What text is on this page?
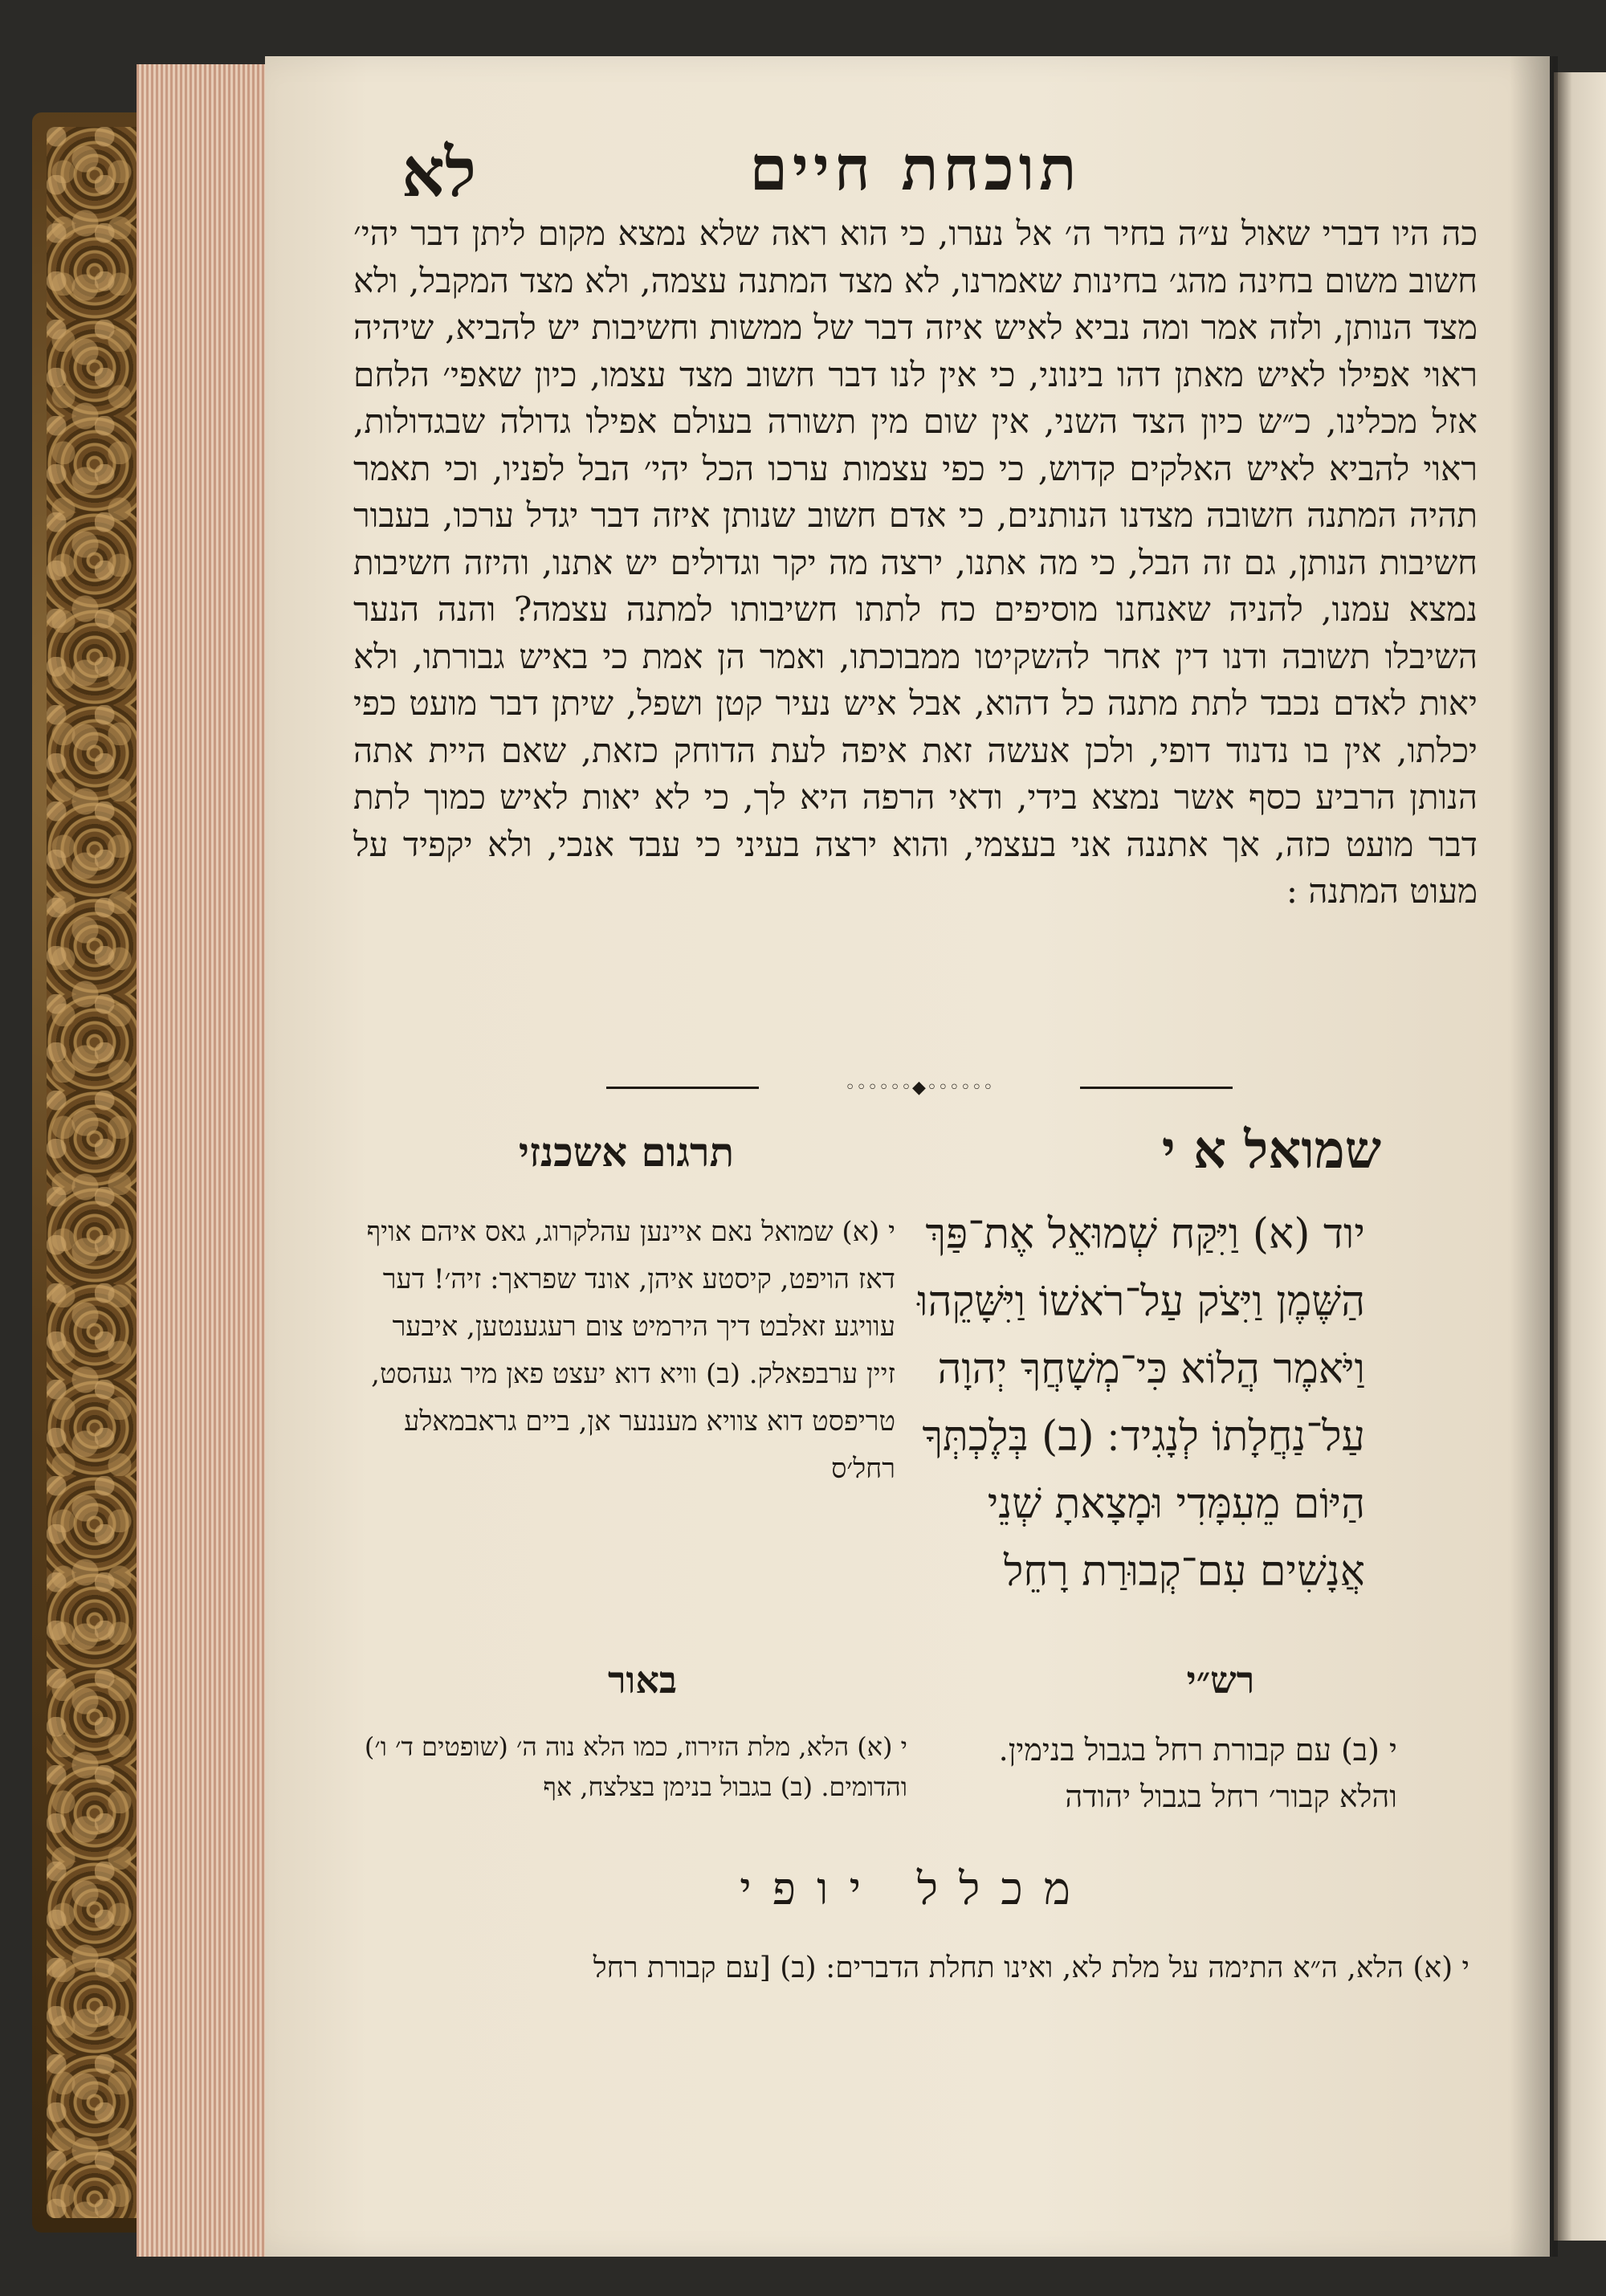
תוכחת חיים
לא
כה היו דברי שאול ע״ה בחיר ה׳ אל נערו, כי הוא ראה שלא נמצא מקום ליתן דבר יהי׳ חשוב משום בחינה מהג׳ בחינות שאמרנו, לא מצד המתנה עצמה, ולא מצד המקבל, ולא מצד הנותן, ולזה אמר ומה נביא לאיש איזה דבר של ממשות וחשיבות יש להביא, שיהיה ראוי אפילו לאיש מאתן דהו בינוני, כי אין לנו דבר חשוב מצד עצמו, כיון שאפי׳ הלחם אזל מכלינו, כ״ש כיון הצד השני, אין שום מין תשורה בעולם אפילו גדולה שבגדולות, ראוי להביא לאיש האלקים קדוש, כי כפי עצמות ערכו הכל יהי׳ הבל לפניו, וכי תאמר תהיה המתנה חשובה מצדנו הנותנים, כי אדם חשוב שנותן איזה דבר יגדל ערכו, בעבור חשיבות הנותן, גם זה הבל, כי מה אתנו, ירצה מה יקר וגדולים יש אתנו, והיזה חשיבות נמצא עמנו, להניה שאנחנו מוסיפים כח לתתו חשיבותו למתנה עצמה? והנה הנער השיבלו תשובה ודנו דין אחר להשקיטו ממבוכתו, ואמר הן אמת כי באיש גבורתו, ולא יאות לאדם נכבד לתת מתנה כל דהוא, אבל איש נעיר קטן ושפל, שיתן דבר מועט כפי יכלתו, אין בו נדנוד דופי, ולכן אעשה זאת איפה לעת הדוחק כזאת, שאם היית אתה הנותן הרביע כסף אשר נמצא בידי, ודאי הרפה היא לך, כי לא יאות לאיש כמוך לתת דבר מועט כזה, אך אתננה אני בעצמי, והוא ירצה בעיני כי עבד אנכי, ולא יקפיד על מעוט המתנה :
◦◦◦◦◦◦◆◦◦◦◦◦◦
שמואל א י
תרגום אשכנזי
יוד (א) וַיִּקַּח שְׁמוּאֵל אֶת־פַּךְ הַשֶּׁמֶן וַיִּצֹק עַל־רֹאשׁוֹ וַיִּשָּׁקֵהוּ וַיֹּאמֶר הֲלוֹא כִּי־מְשָׁחֲךָ יְהוָה עַל־נַחֲלָתוֹ לְנָגִיד ׃ (ב) בְּלֶכְתְּךָ הַיּוֹם מֵעִמָּדִי וּמָצָאתָ שְׁנֵי אֲנָשִׁים עִם־קְבוּרַת רָחֵל
י (א) שמואל נאם איינען עהלקרוג, גאס איהם אויף דאז הויפט, קיסטע איהן, אונד שפראך: זיה׳! דער עוויגע זאלבט דיך הירמיט צום רעגענטען, איבער זיין ערבפאלק. (ב) וויא דוא יעצט פאן מיר געהסט, טריפסט דוא צוויא מעננער אן, ביים גראבמאלע רחל׳ס
רש״י
באור
י (ב) עם קבורת רחל בגבול בנימין. והלא קבור׳ רחל בגבול יהודה
י (א) הלא, מלת הזירוז, כמו הלא נוה ה׳ (שופטים ד׳ ו׳) והדומים. (ב) בגבול בנימן בצלצח, אף
מכלל יופי
י (א) הלא, ה״א התימה על מלת לא, ואינו תחלת הדברים: (ב) [עם קבורת רחל
